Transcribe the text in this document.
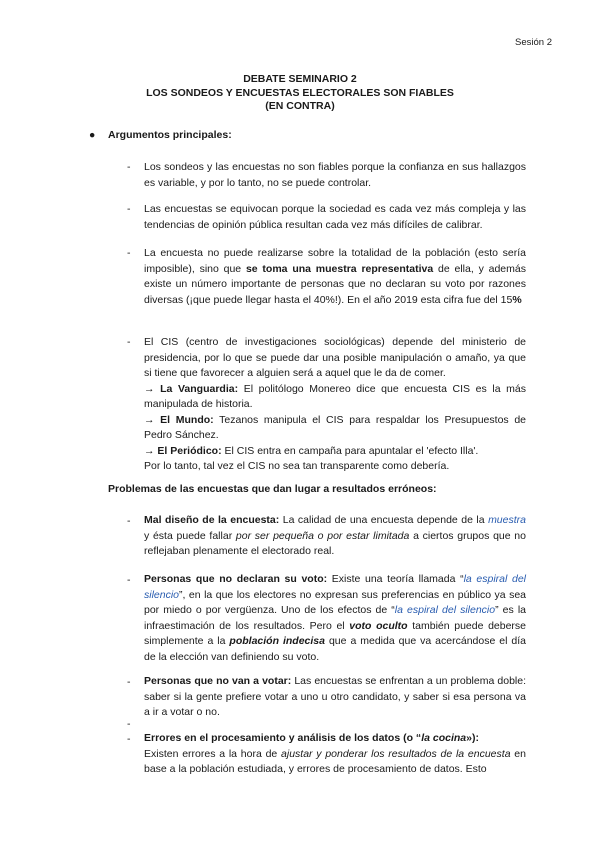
Sesión 2
DEBATE SEMINARIO 2
LOS SONDEOS Y ENCUESTAS ELECTORALES SON FIABLES
(EN CONTRA)
● Argumentos principales:
- Los sondeos y las encuestas no son fiables porque la confianza en sus hallazgos es variable, y por lo tanto, no se puede controlar.
- Las encuestas se equivocan porque la sociedad es cada vez más compleja y las tendencias de opinión pública resultan cada vez más difíciles de calibrar.
- La encuesta no puede realizarse sobre la totalidad de la población (esto sería imposible), sino que se toma una muestra representativa de ella, y además existe un número importante de personas que no declaran su voto por razones diversas (¡que puede llegar hasta el 40%!). En el año 2019 esta cifra fue del 15%
- El CIS (centro de investigaciones sociológicas) depende del ministerio de presidencia, por lo que se puede dar una posible manipulación o amaño, ya que si tiene que favorecer a alguien será a aquel que le da de comer.
→ La Vanguardia: El politólogo Monereo dice que encuesta CIS es la más manipulada de historia.
→ El Mundo: Tezanos manipula el CIS para respaldar los Presupuestos de Pedro Sánchez.
→ El Periódico: El CIS entra en campaña para apuntalar el 'efecto Illa'.
Por lo tanto, tal vez el CIS no sea tan transparente como debería.
Problemas de las encuestas que dan lugar a resultados erróneos:
- Mal diseño de la encuesta: La calidad de una encuesta depende de la muestra y ésta puede fallar por ser pequeña o por estar limitada a ciertos grupos que no reflejaban plenamente el electorado real.
- Personas que no declaran su voto: Existe una teoría llamada “la espiral del silencio”, en la que los electores no expresan sus preferencias en público ya sea por miedo o por vergüenza. Uno de los efectos de “la espiral del silencio” es la infraestimación de los resultados. Pero el voto oculto también puede deberse simplemente a la población indecisa que a medida que va acercándose el día de la elección van definiendo su voto.
- Personas que no van a votar: Las encuestas se enfrentan a un problema doble: saber si la gente prefiere votar a uno u otro candidato, y saber si esa persona va a ir a votar o no.
-
- Errores en el procesamiento y análisis de los datos (o “la cocina»):
Existen errores a la hora de ajustar y ponderar los resultados de la encuesta en base a la población estudiada, y errores de procesamiento de datos. Esto
